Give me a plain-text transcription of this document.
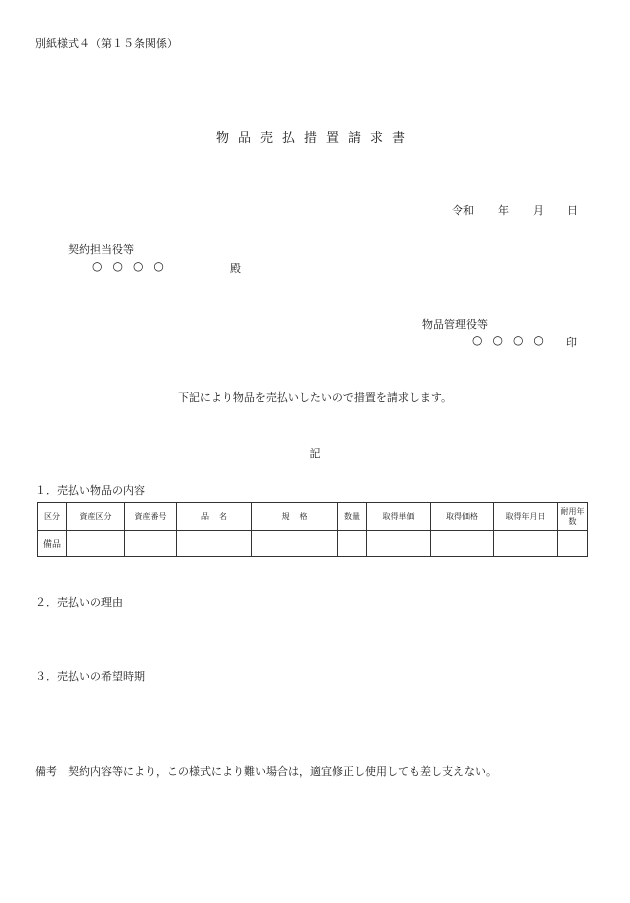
別紙様式４（第１５条関係）
物品売払措置請求書
令和 年 月 日
契約担当役等
○○○○	殿
物品管理役等
○○○○ 印
下記により物品を売払いしたいので措置を請求します。
記
１．売払い物品の内容
区分	資産区分	資産番号	品名	規格	数量	取得単価	取得価格	取得年月日	耐用年数
備品									
２．売払いの理由
３．売払いの希望時期
備考　契約内容等により，この様式により難い場合は，適宜修正し使用しても差し支えない。
